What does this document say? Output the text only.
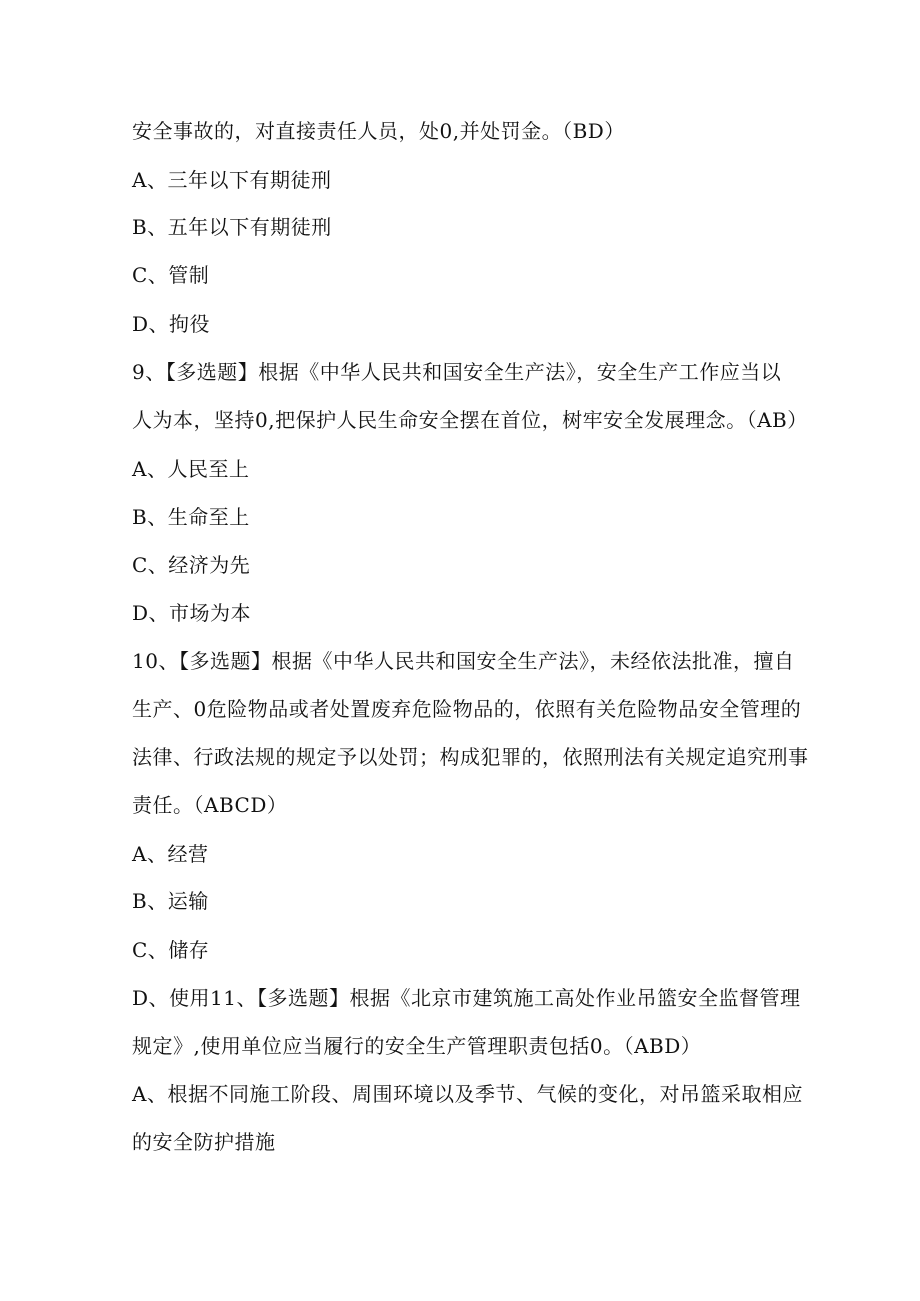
安全事故的，对直接责任人员，处0,并处罚金。（BD）
A、三年以下有期徒刑
B、五年以下有期徒刑
C、管制
D、拘役
9、【多选题】根据《中华人民共和国安全生产法》，安全生产工作应当以
人为本，坚持0,把保护人民生命安全摆在首位，树牢安全发展理念。（AB）
A、人民至上
B、生命至上
C、经济为先
D、市场为本
10、【多选题】根据《中华人民共和国安全生产法》，未经依法批准，擅自
生产、0危险物品或者处置废弃危险物品的，依照有关危险物品安全管理的
法律、行政法规的规定予以处罚；构成犯罪的，依照刑法有关规定追究刑事
责任。（ABCD）
A、经营
B、运输
C、储存
D、使用11、【多选题】根据《北京市建筑施工高处作业吊篮安全监督管理
规定》,使用单位应当履行的安全生产管理职责包括0。（ABD）
A、根据不同施工阶段、周围环境以及季节、气候的变化，对吊篮采取相应
的安全防护措施
